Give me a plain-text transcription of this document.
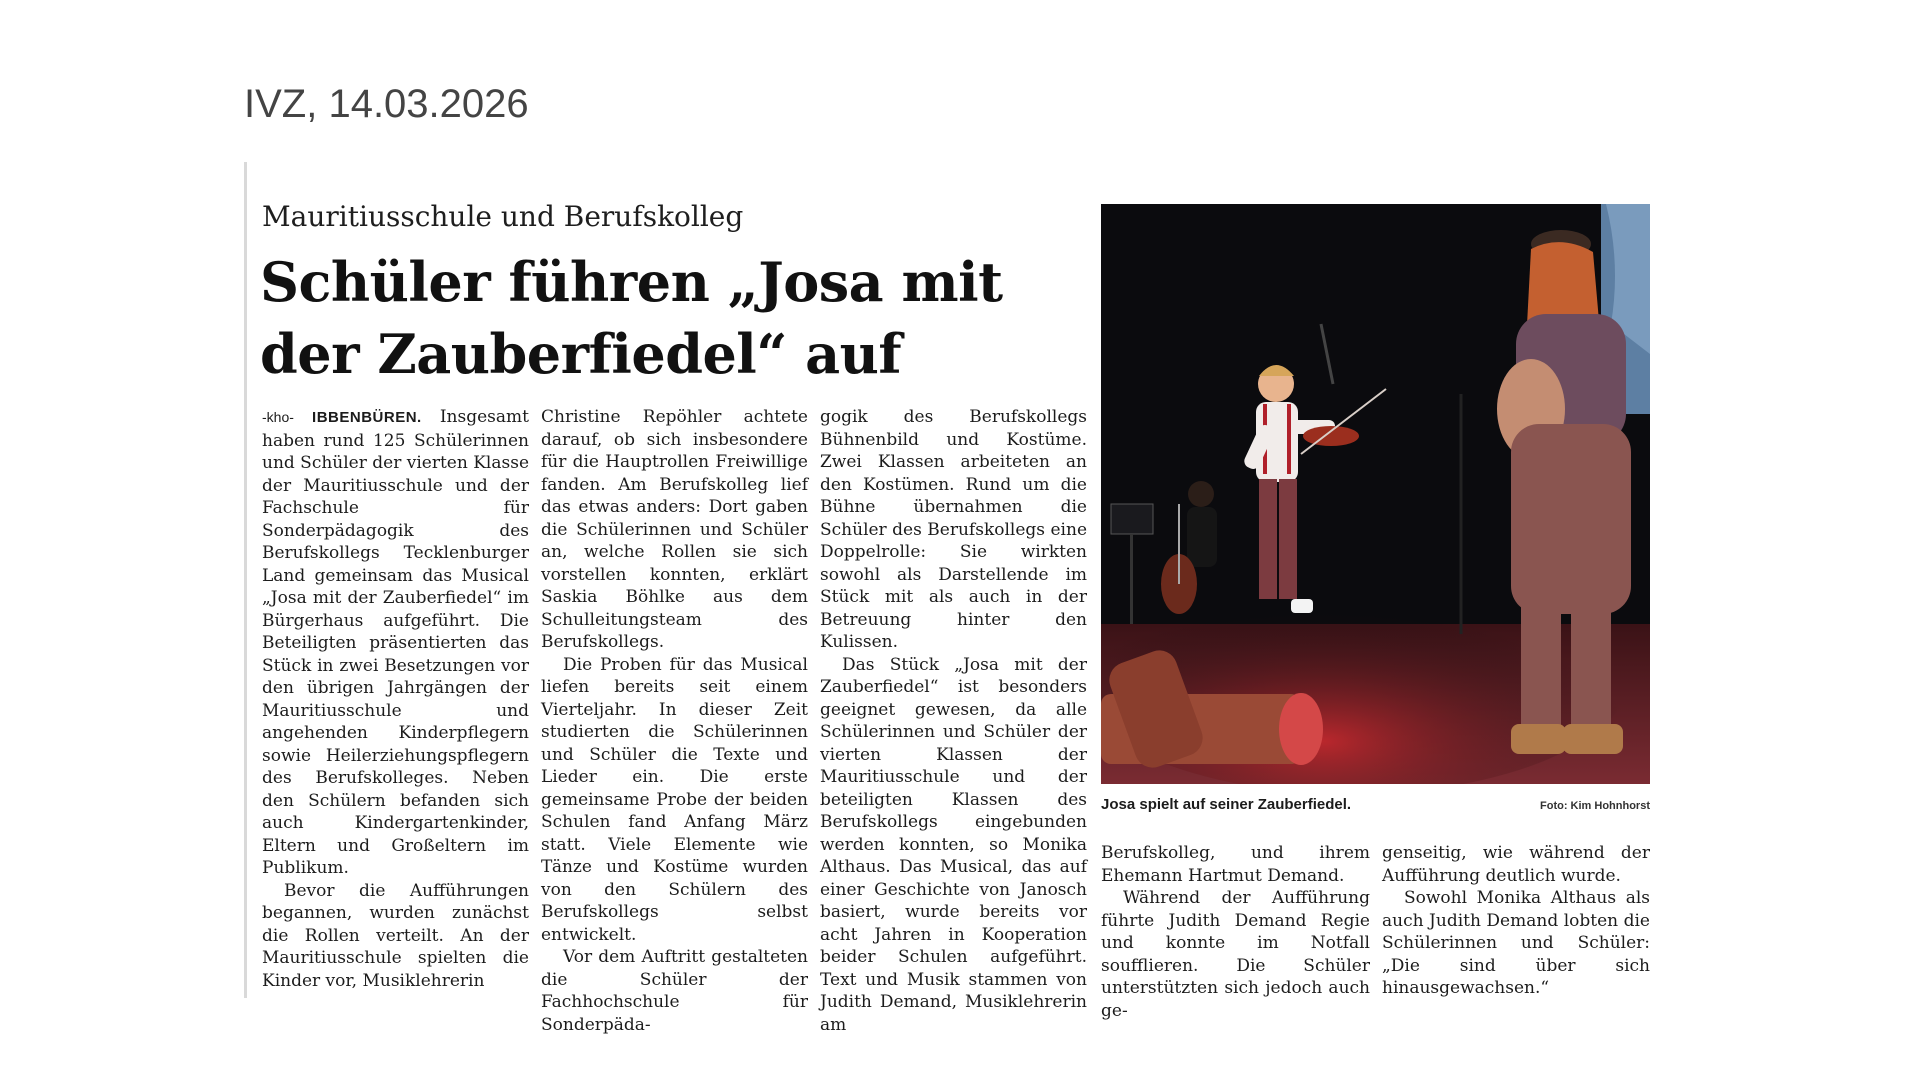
IVZ, 14.03.2026
Mauritiusschule und Berufskolleg
Schüler führen „Josa mit der Zauberfiedel“ auf

-kho- IBBENBÜREN. Insgesamt haben rund 125 Schülerinnen und Schüler der vierten Klasse der Mauritiusschule und der Fachschule für Sonderpädagogik des Berufskollegs Tecklenburger Land gemeinsam das Musical „Josa mit der Zauberfiedel“ im Bürgerhaus aufgeführt. Die Beteiligten präsentierten das Stück in zwei Besetzungen vor den übrigen Jahrgängen der Mauritiusschule und angehenden Kinderpflegern sowie Heilerziehungspflegern des Berufskolleges. Neben den Schülern befanden sich auch Kindergartenkinder, Eltern und Großeltern im Publikum.

Bevor die Aufführungen begannen, wurden zunächst die Rollen verteilt. An der Mauritiusschule spielten die Kinder vor, Musiklehrerin

Christine Repöhler achtete darauf, ob sich insbesondere für die Hauptrollen Freiwillige fanden. Am Berufskolleg lief das etwas anders: Dort gaben die Schülerinnen und Schüler an, welche Rollen sie sich vorstellen konnten, erklärt Saskia Böhlke aus dem Schulleitungsteam des Berufskollegs.

Die Proben für das Musical liefen bereits seit einem Vierteljahr. In dieser Zeit studierten die Schülerinnen und Schüler die Texte und Lieder ein. Die erste gemeinsame Probe der beiden Schulen fand Anfang März statt. Viele Elemente wie Tänze und Kostüme wurden von den Schülern des Berufskollegs selbst entwickelt.

Vor dem Auftritt gestalteten die Schüler der Fachhochschule für Sonderpäda-

gogik des Berufskollegs Bühnenbild und Kostüme. Zwei Klassen arbeiteten an den Kostümen. Rund um die Bühne übernahmen die Schüler des Berufskollegs eine Doppelrolle: Sie wirkten sowohl als Darstellende im Stück mit als auch in der Betreuung hinter den Kulissen.

Das Stück „Josa mit der Zauberfiedel“ ist besonders geeignet gewesen, da alle Schülerinnen und Schüler der vierten Klassen der Mauritiusschule und der beteiligten Klassen des Berufskollegs eingebunden werden konnten, so Monika Althaus. Das Musical, das auf einer Geschichte von Janosch basiert, wurde bereits vor acht Jahren in Kooperation beider Schulen aufgeführt. Text und Musik stammen von Judith Demand, Musiklehrerin am

Josa spielt auf seiner Zauberfiedel.	Foto: Kim Hohnhorst

Berufskolleg, und ihrem Ehemann Hartmut Demand.

Während der Aufführung führte Judith Demand Regie und konnte im Notfall soufflieren. Die Schüler unterstützten sich jedoch auch ge-

genseitig, wie während der Aufführung deutlich wurde.

Sowohl Monika Althaus als auch Judith Demand lobten die Schülerinnen und Schüler: „Die sind über sich hinausgewachsen.“
